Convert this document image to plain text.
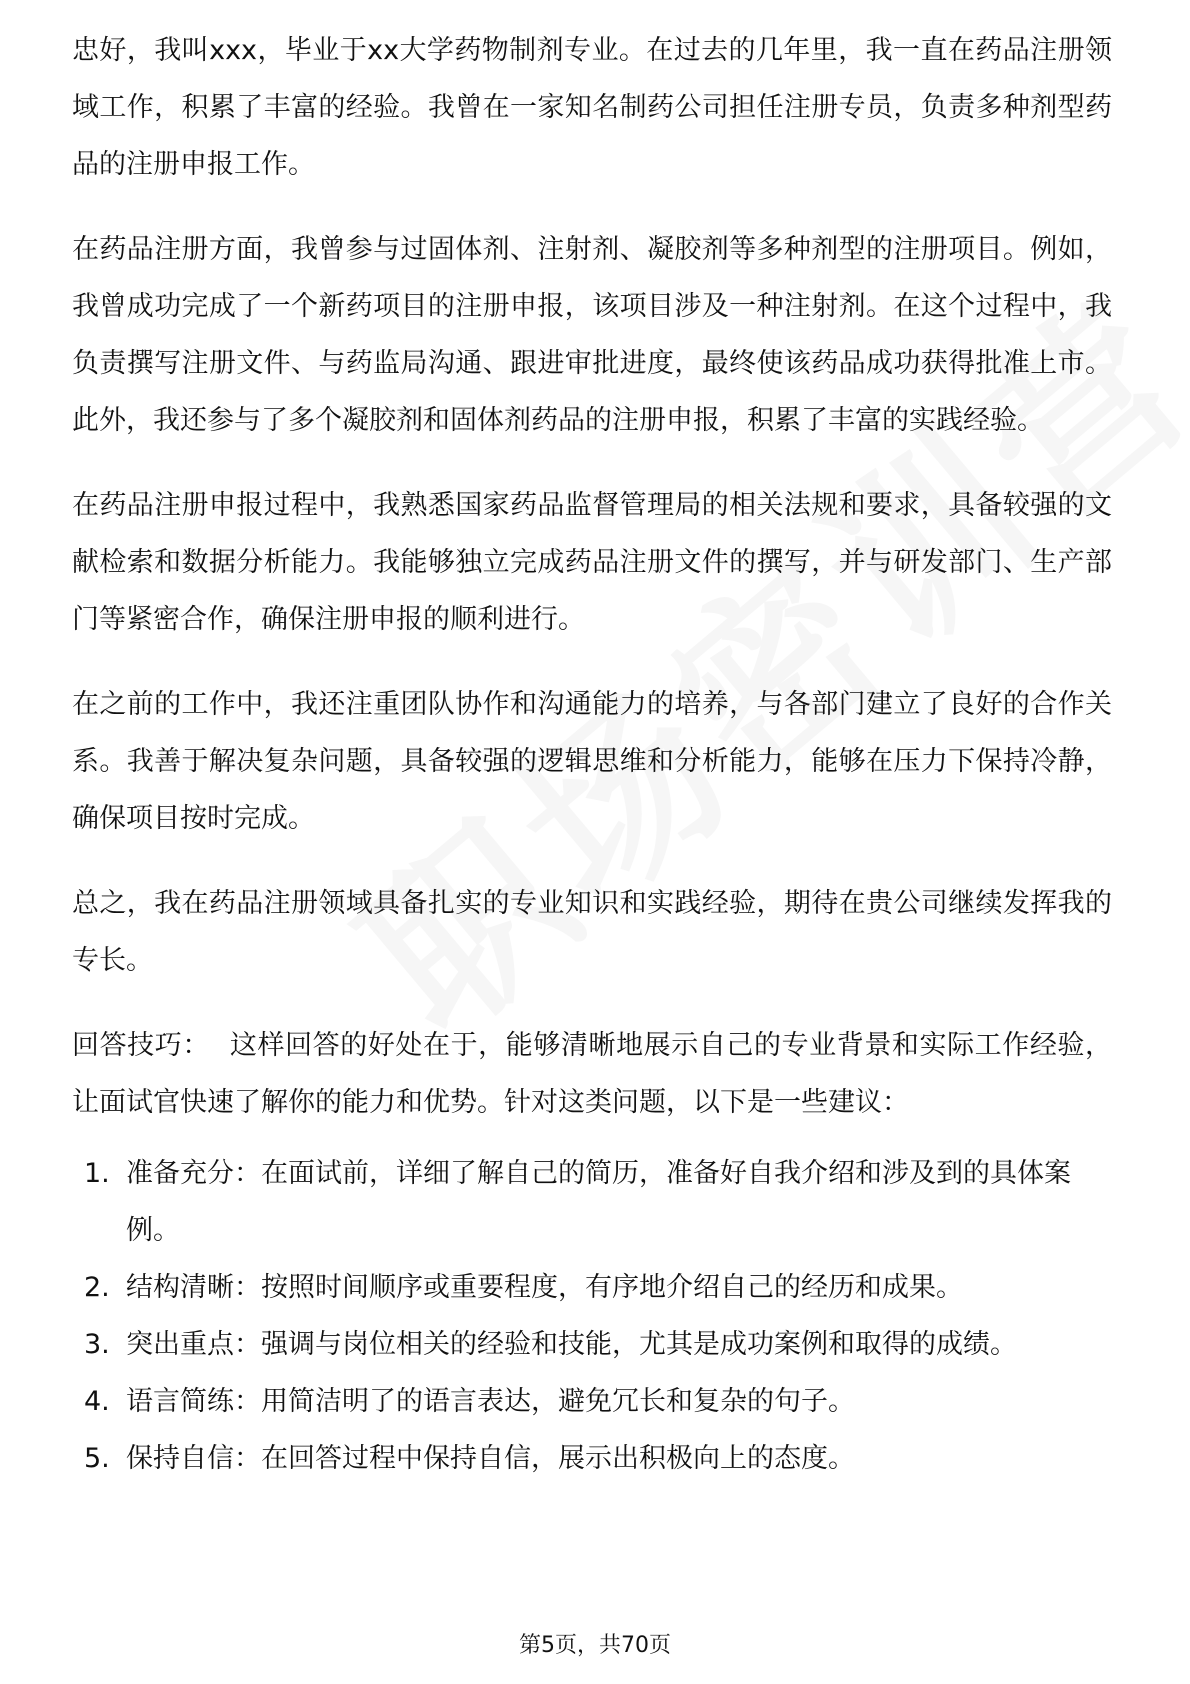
忠好，我叫xxx，毕业于xx大学药物制剂专业。在过去的几年里，我一直在药品注册领域工作，积累了丰富的经验。我曾在一家知名制药公司担任注册专员，负责多种剂型药品的注册申报工作。

在药品注册方面，我曾参与过固体剂、注射剂、凝胶剂等多种剂型的注册项目。例如，我曾成功完成了一个新药项目的注册申报，该项目涉及一种注射剂。在这个过程中，我负责撰写注册文件、与药监局沟通、跟进审批进度，最终使该药品成功获得批准上市。此外，我还参与了多个凝胶剂和固体剂药品的注册申报，积累了丰富的实践经验。

在药品注册申报过程中，我熟悉国家药品监督管理局的相关法规和要求，具备较强的文献检索和数据分析能力。我能够独立完成药品注册文件的撰写，并与研发部门、生产部门等紧密合作，确保注册申报的顺利进行。

在之前的工作中，我还注重团队协作和沟通能力的培养，与各部门建立了良好的合作关系。我善于解决复杂问题，具备较强的逻辑思维和分析能力，能够在压力下保持冷静，确保项目按时完成。

总之，我在药品注册领域具备扎实的专业知识和实践经验，期待在贵公司继续发挥我的专长。

回答技巧： 这样回答的好处在于，能够清晰地展示自己的专业背景和实际工作经验，让面试官快速了解你的能力和优势。针对这类问题，以下是一些建议：

1. 准备充分：在面试前，详细了解自己的简历，准备好自我介绍和涉及到的具体案例。
2. 结构清晰：按照时间顺序或重要程度，有序地介绍自己的经历和成果。
3. 突出重点：强调与岗位相关的经验和技能，尤其是成功案例和取得的成绩。
4. 语言简练：用简洁明了的语言表达，避免冗长和复杂的句子。
5. 保持自信：在回答过程中保持自信，展示出积极向上的态度。
第5页，共70页
